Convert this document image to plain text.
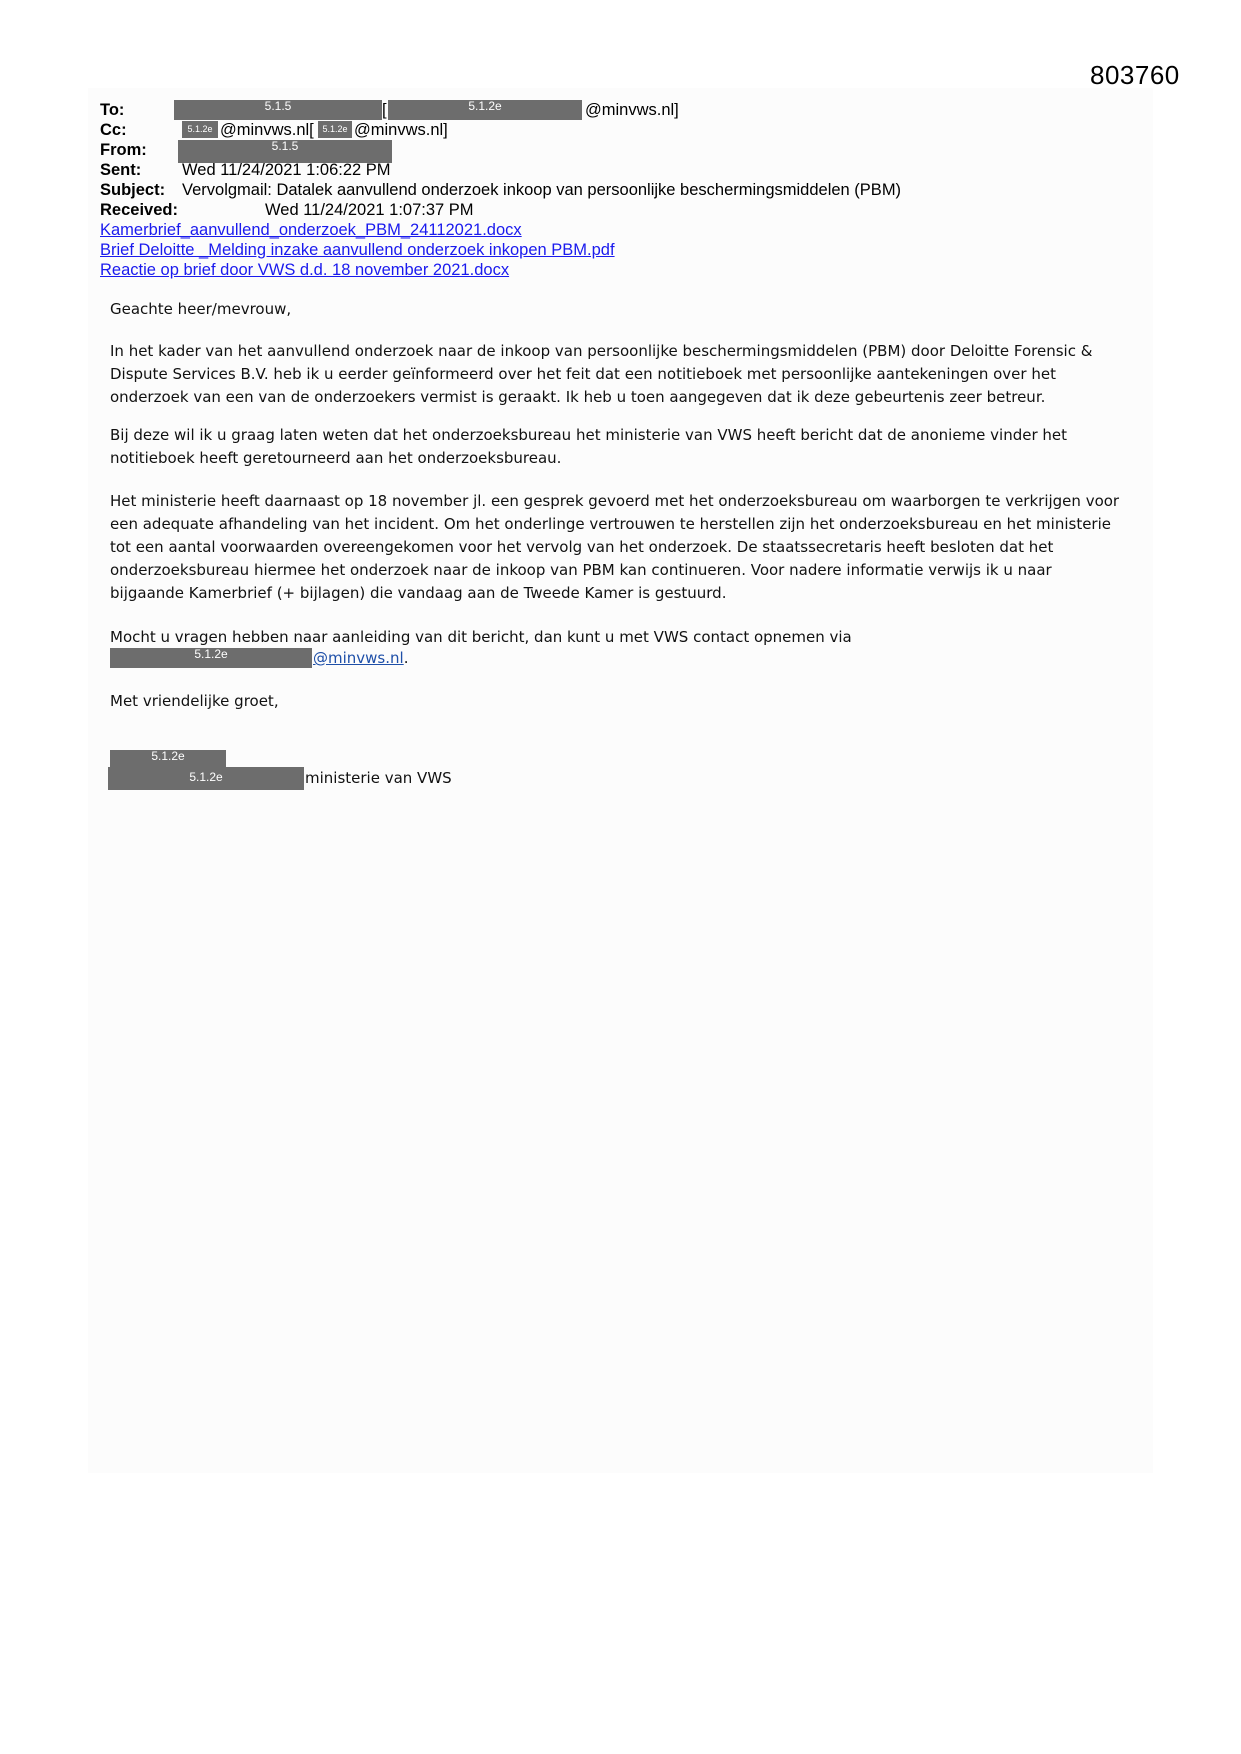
803760
To:	5.1.5	[	5.1.2e	@minvws.nl]
Cc:	5.1.2e @minvws.nl[ 5.1.2e @minvws.nl]
From:	5.1.5
Sent: Wed 11/24/2021 1:06:22 PM
Subject: Vervolgmail: Datalek aanvullend onderzoek inkoop van persoonlijke beschermingsmiddelen (PBM)
Received:	Wed 11/24/2021 1:07:37 PM
Kamerbrief_aanvullend_onderzoek_PBM_24112021.docx
Brief Deloitte _Melding inzake aanvullend onderzoek inkopen PBM.pdf
Reactie op brief door VWS d.d. 18 november 2021.docx
Geachte heer/mevrouw,
In het kader van het aanvullend onderzoek naar de inkoop van persoonlijke beschermingsmiddelen (PBM) door Deloitte Forensic & Dispute Services B.V. heb ik u eerder geïnformeerd over het feit dat een notitieboek met persoonlijke aantekeningen over het onderzoek van een van de onderzoekers vermist is geraakt. Ik heb u toen aangegeven dat ik deze gebeurtenis zeer betreur.
Bij deze wil ik u graag laten weten dat het onderzoeksbureau het ministerie van VWS heeft bericht dat de anonieme vinder het notitieboek heeft geretourneerd aan het onderzoeksbureau.
Het ministerie heeft daarnaast op 18 november jl. een gesprek gevoerd met het onderzoeksbureau om waarborgen te verkrijgen voor een adequate afhandeling van het incident. Om het onderlinge vertrouwen te herstellen zijn het onderzoeksbureau en het ministerie tot een aantal voorwaarden overeengekomen voor het vervolg van het onderzoek. De staatssecretaris heeft besloten dat het onderzoeksbureau hiermee het onderzoek naar de inkoop van PBM kan continueren. Voor nadere informatie verwijs ik u naar bijgaande Kamerbrief (+ bijlagen) die vandaag aan de Tweede Kamer is gestuurd.
Mocht u vragen hebben naar aanleiding van dit bericht, dan kunt u met VWS contact opnemen via
5.1.2e	@minvws.nl.
Met vriendelijke groet,
5.1.2e
5.1.2e	ministerie van VWS
